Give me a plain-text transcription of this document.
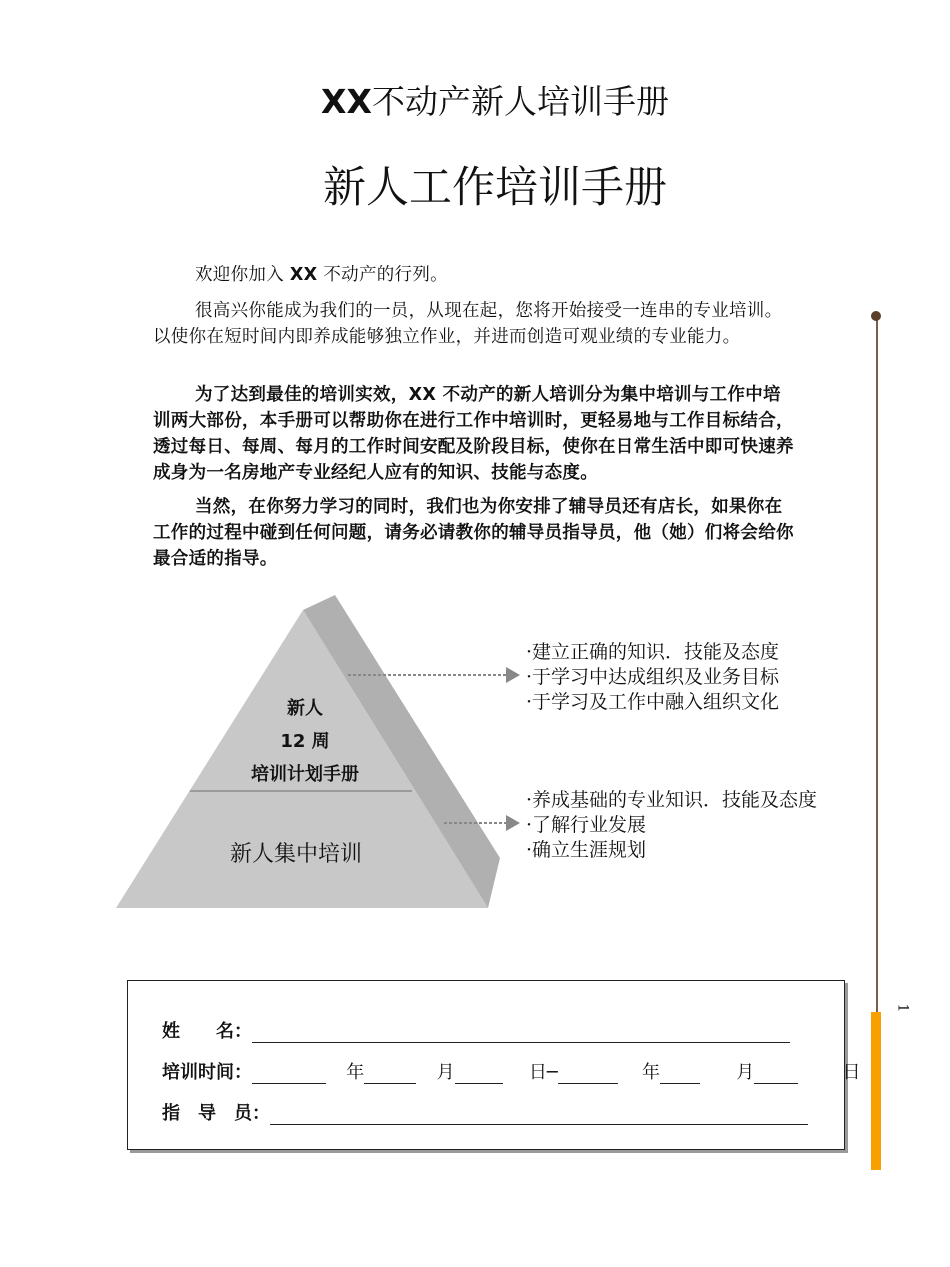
XX不动产新人培训手册
新人工作培训手册
欢迎你加入 XX 不动产的行列。
很高兴你能成为我们的一员，从现在起，您将开始接受一连串的专业培训。以使你在短时间内即养成能够独立作业，并进而创造可观业绩的专业能力。
为了达到最佳的培训实效，XX 不动产的新人培训分为集中培训与工作中培训两大部份，本手册可以帮助你在进行工作中培训时，更轻易地与工作目标结合，透过每日、每周、每月的工作时间安配及阶段目标，使你在日常生活中即可快速养成身为一名房地产专业经纪人应有的知识、技能与态度。
当然，在你努力学习的同时，我们也为你安排了辅导员还有店长，如果你在工作的过程中碰到任何问题，请务必请教你的辅导员指导员，他（她）们将会给你最合适的指导。
1
新人
12 周
培训计划手册
新人集中培训
·建立正确的知识．技能及态度
·于学习中达成组织及业务目标
·于学习及工作中融入组织文化
·养成基础的专业知识．技能及态度
·了解行业发展
·确立生涯规划
姓　　名：
培训时间：	年	月	日─	年	月	日
指　导　员：
